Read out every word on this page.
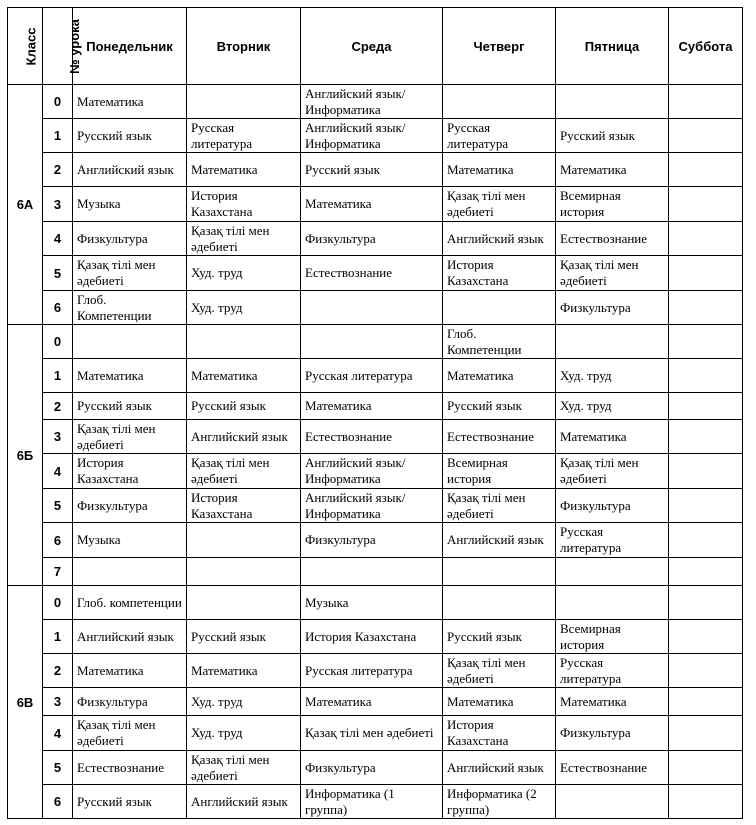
Класс	№ урока	Понедельник	Вторник	Среда	Четверг	Пятница	Суббота
6А	0	Математика		Английский язык/ Информатика			
	1	Русский язык	Русская литература	Английский язык/ Информатика	Русская литература	Русский язык	
	2	Английский язык	Математика	Русский язык	Математика	Математика	
	3	Музыка	История Казахстана	Математика	Қазақ тілі мен әдебиеті	Всемирная история	
	4	Физкультура	Қазақ тілі мен әдебиеті	Физкультура	Английский язык	Естествознание	
	5	Қазақ тілі мен әдебиеті	Худ. труд	Естествознание	История Казахстана	Қазақ тілі мен әдебиеті	
	6	Глоб. Компетенции	Худ. труд			Физкультура	
6Б	0				Глоб. Компетенции		
	1	Математика	Математика	Русская литература	Математика	Худ. труд	
	2	Русский язык	Русский язык	Математика	Русский язык	Худ. труд	
	3	Қазақ тілі мен әдебиеті	Английский язык	Естествознание	Естествознание	Математика	
	4	История Казахстана	Қазақ тілі мен әдебиеті	Английский язык/ Информатика	Всемирная история	Қазақ тілі мен әдебиеті	
	5	Физкультура	История Казахстана	Английский язык/ Информатика	Қазақ тілі мен әдебиеті	Физкультура	
	6	Музыка		Физкультура	Английский язык	Русская литература	
	7						
6В	0	Глоб. компетенции		Музыка			
	1	Английский язык	Русский язык	История Казахстана	Русский язык	Всемирная история	
	2	Математика	Математика	Русская литература	Қазақ тілі мен әдебиеті	Русская литература	
	3	Физкультура	Худ. труд	Математика	Математика	Математика	
	4	Қазақ тілі мен әдебиеті	Худ. труд	Қазақ тілі мен әдебиеті	История Казахстана	Физкультура	
	5	Естествознание	Қазақ тілі мен әдебиеті	Физкультура	Английский язык	Естествознание	
	6	Русский язык	Английский язык	Информатика (1 группа)	Информатика (2 группа)		
